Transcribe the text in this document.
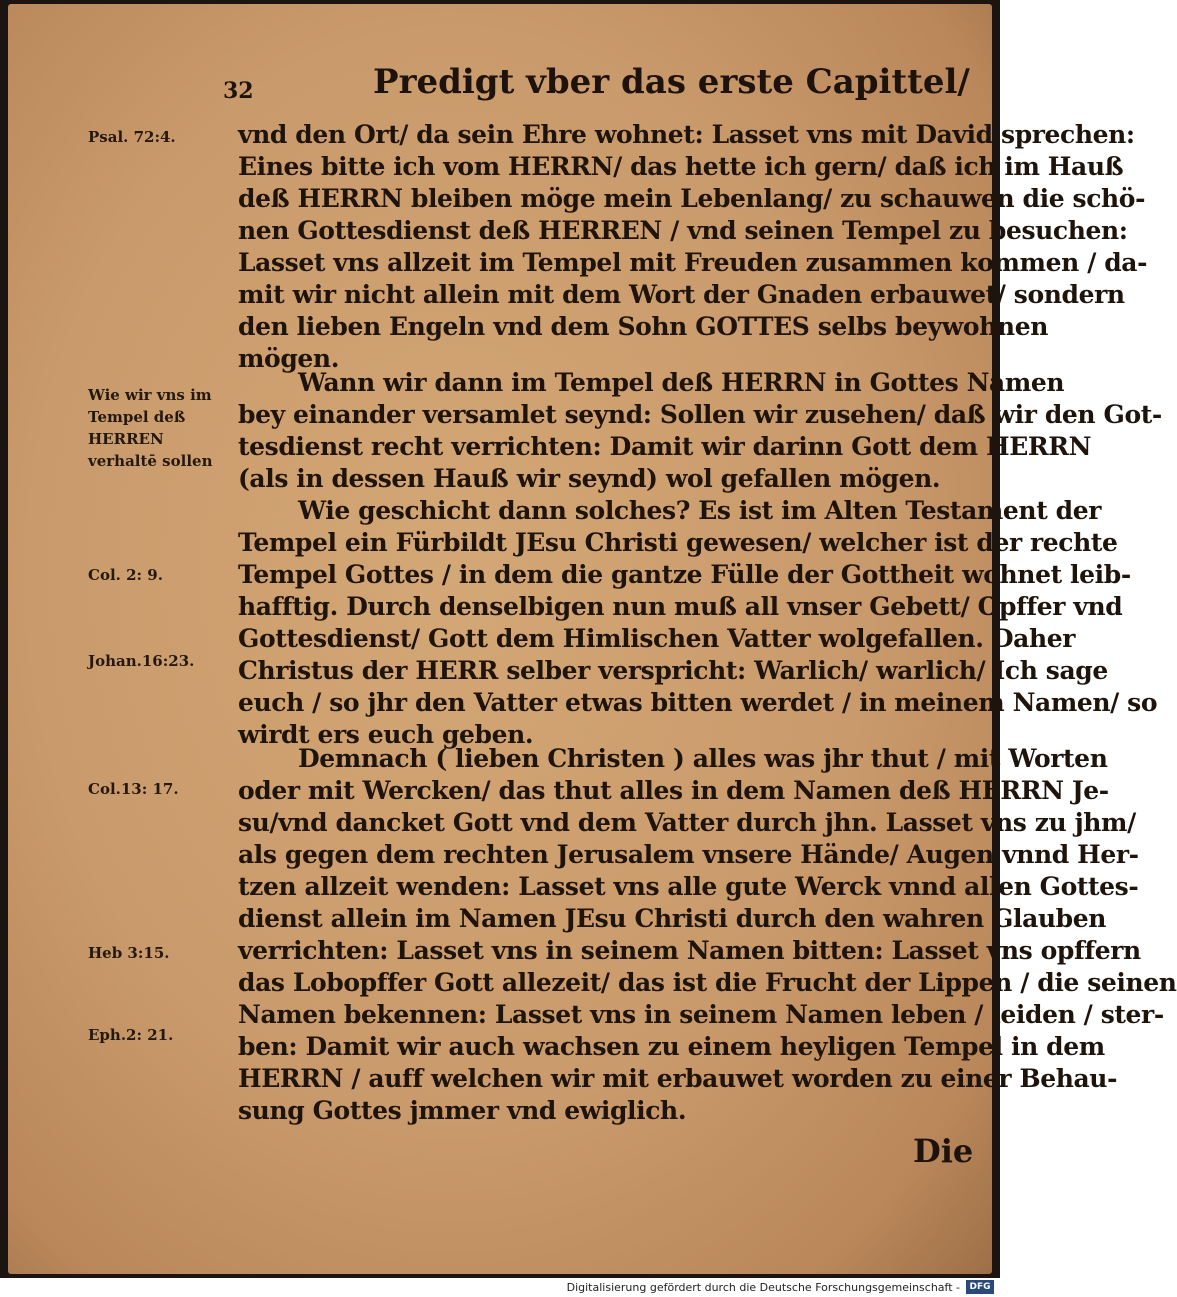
32	Predigt vber das erste Capittel/
Psal. 72:4.
Wie wir vns im Tempel deß HERREN verhaltē sollen
Col. 2: 9.
Johan.16:23.
Col.13: 17.
Heb 3:15.
Eph.2: 21.
vnd den Ort/ da sein Ehre wohnet: Lasset vns mit David sprechen:
Eines bitte ich vom HERRN/ das hette ich gern/ daß ich im Hauß
deß HERRN bleiben möge mein Lebenlang/ zu schauwen die schö-
nen Gottesdienst deß HERREN / vnd seinen Tempel zu besuchen:
Lasset vns allzeit im Tempel mit Freuden zusammen kommen / da-
mit wir nicht allein mit dem Wort der Gnaden erbauwet/ sondern
den lieben Engeln vnd dem Sohn GOTTES selbs beywohnen
mögen.
Wann wir dann im Tempel deß HERRN in Gottes Namen
bey einander versamlet seynd: Sollen wir zusehen/ daß wir den Got-
tesdienst recht verrichten: Damit wir darinn Gott dem HERRN
(als in dessen Hauß wir seynd) wol gefallen mögen.
Wie geschicht dann solches? Es ist im Alten Testament der
Tempel ein Fürbildt JEsu Christi gewesen/ welcher ist der rechte
Tempel Gottes / in dem die gantze Fülle der Gottheit wohnet leib-
hafftig. Durch denselbigen nun muß all vnser Gebett/ Opffer vnd
Gottesdienst/ Gott dem Himlischen Vatter wolgefallen. Daher
Christus der HERR selber verspricht: Warlich/ warlich/ Ich sage
euch / so jhr den Vatter etwas bitten werdet / in meinem Namen/ so
wirdt ers euch geben.
Demnach ( lieben Christen ) alles was jhr thut / mit Worten
oder mit Wercken/ das thut alles in dem Namen deß HERRN Je-
su/vnd dancket Gott vnd dem Vatter durch jhn. Lasset vns zu jhm/
als gegen dem rechten Jerusalem vnsere Hände/ Augen vnnd Her-
tzen allzeit wenden: Lasset vns alle gute Werck vnnd allen Gottes-
dienst allein im Namen JEsu Christi durch den wahren Glauben
verrichten: Lasset vns in seinem Namen bitten: Lasset vns opffern
das Lobopffer Gott allezeit/ das ist die Frucht der Lippen / die seinen
Namen bekennen: Lasset vns in seinem Namen leben / leiden / ster-
ben: Damit wir auch wachsen zu einem heyligen Tempel in dem
HERRN / auff welchen wir mit erbauwet worden zu einer Behau-
sung Gottes jmmer vnd ewiglich.
Die
Digitalisierung gefördert durch die Deutsche Forschungsgemeinschaft -	DFG
